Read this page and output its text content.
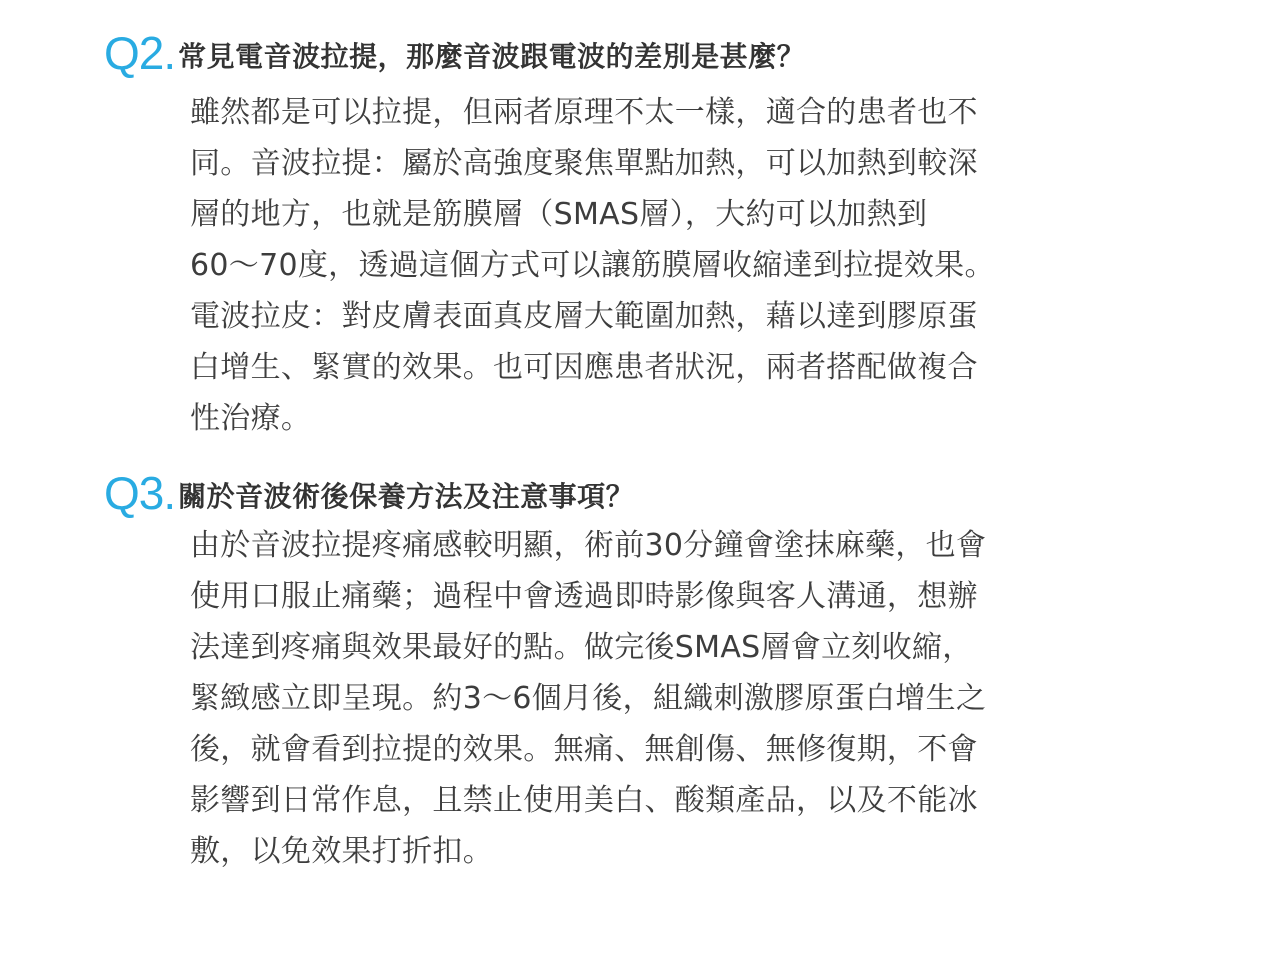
Q2 . 常見電音波拉提，那麼音波跟電波的差別是甚麼？
雖然都是可以拉提，但兩者原理不太一樣，適合的患者也不
同。音波拉提：屬於高強度聚焦單點加熱，可以加熱到較深
層的地方，也就是筋膜層（SMAS層），大約可以加熱到
60～70度，透過這個方式可以讓筋膜層收縮達到拉提效果。
電波拉皮：對皮膚表面真皮層大範圍加熱，藉以達到膠原蛋
白增生、緊實的效果。也可因應患者狀況，兩者搭配做複合
性治療。
Q3 . 關於音波術後保養方法及注意事項？
由於音波拉提疼痛感較明顯，術前30分鐘會塗抹麻藥，也會
使用口服止痛藥；過程中會透過即時影像與客人溝通，想辦
法達到疼痛與效果最好的點。做完後SMAS層會立刻收縮，
緊緻感立即呈現。約3～6個月後，組織刺激膠原蛋白增生之
後，就會看到拉提的效果。無痛、無創傷、無修復期，不會
影響到日常作息，且禁止使用美白、酸類產品，以及不能冰
敷，以免效果打折扣。
